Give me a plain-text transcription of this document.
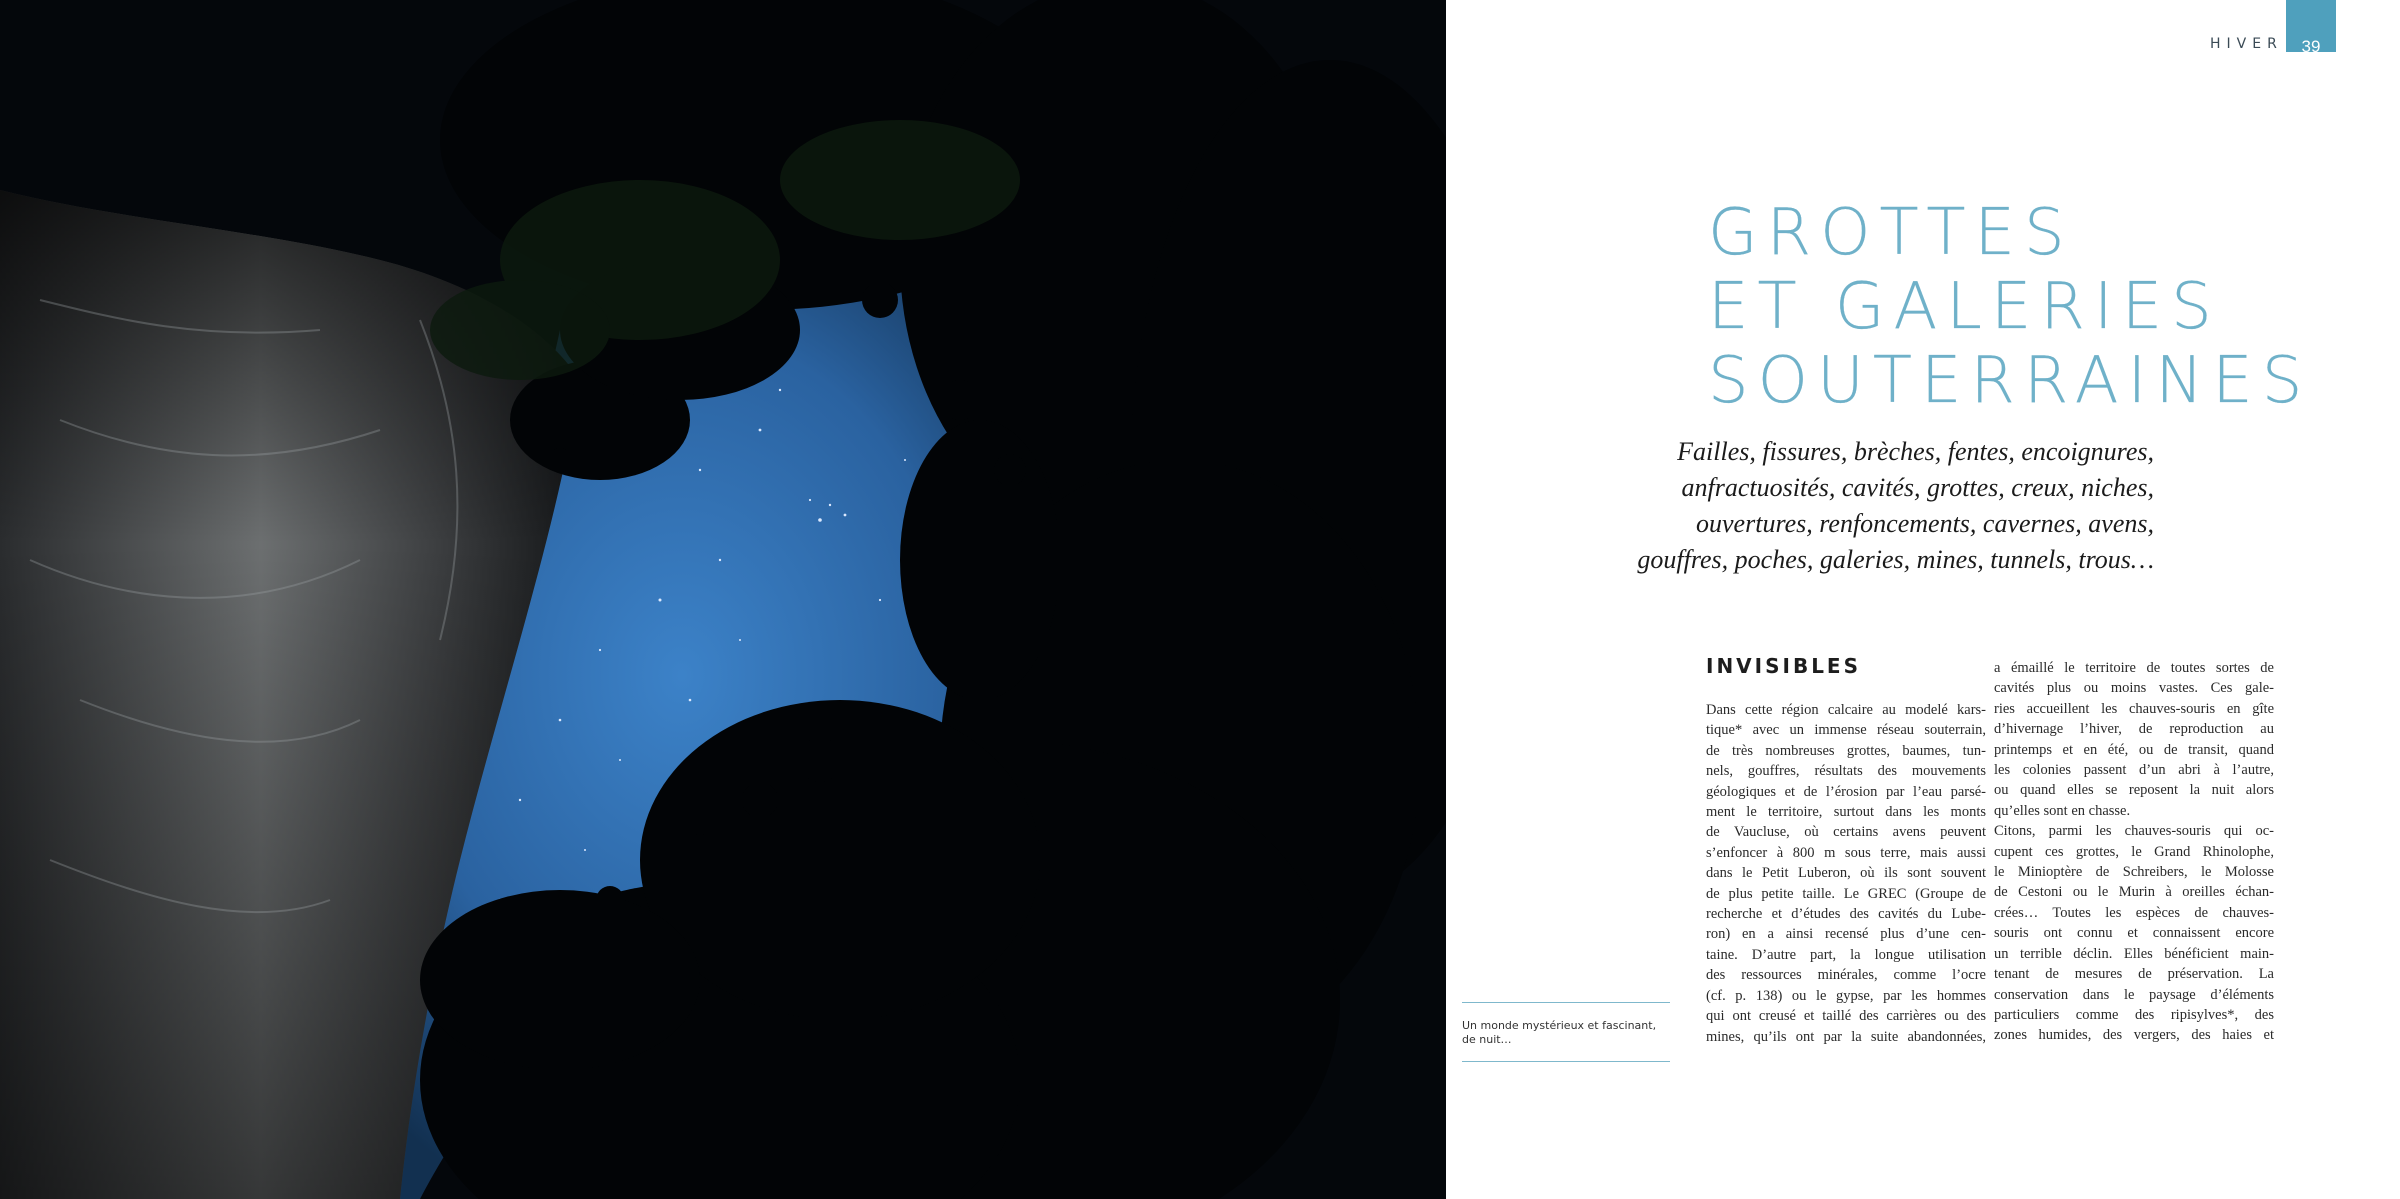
HIVER	39
GROTTES
ET GALERIES
SOUTERRAINES
Failles, fissures, brèches, fentes, encoignures,
anfractuosités, cavités, grottes, creux, niches,
ouvertures, renfoncements, cavernes, avens,
gouffres, poches, galeries, mines, tunnels, trous…
INVISIBLES
Dans cette région calcaire au modelé kars-
tique* avec un immense réseau souterrain,
de très nombreuses grottes, baumes, tun-
nels, gouffres, résultats des mouvements
géologiques et de l’érosion par l’eau parsé-
ment le territoire, surtout dans les monts
de Vaucluse, où certains avens peuvent
s’enfoncer à 800 m sous terre, mais aussi
dans le Petit Luberon, où ils sont souvent
de plus petite taille. Le GREC (Groupe de
recherche et d’études des cavités du Lube-
ron) en a ainsi recensé plus d’une cen-
taine. D’autre part, la longue utilisation
des ressources minérales, comme l’ocre
(cf. p. 138) ou le gypse, par les hommes
qui ont creusé et taillé des carrières ou des
mines, qu’ils ont par la suite abandonnées,
a émaillé le territoire de toutes sortes de
cavités plus ou moins vastes. Ces gale-
ries accueillent les chauves-souris en gîte
d’hivernage l’hiver, de reproduction au
printemps et en été, ou de transit, quand
les colonies passent d’un abri à l’autre,
ou quand elles se reposent la nuit alors
qu’elles sont en chasse.
Citons, parmi les chauves-souris qui oc-
cupent ces grottes, le Grand Rhinolophe,
le Minioptère de Schreibers, le Molosse
de Cestoni ou le Murin à oreilles échan-
crées… Toutes les espèces de chauves-
souris ont connu et connaissent encore
un terrible déclin. Elles bénéficient main-
tenant de mesures de préservation. La
conservation dans le paysage d’éléments
particuliers comme des ripisylves*, des
zones humides, des vergers, des haies et
Un monde mystérieux et fascinant,
de nuit…
